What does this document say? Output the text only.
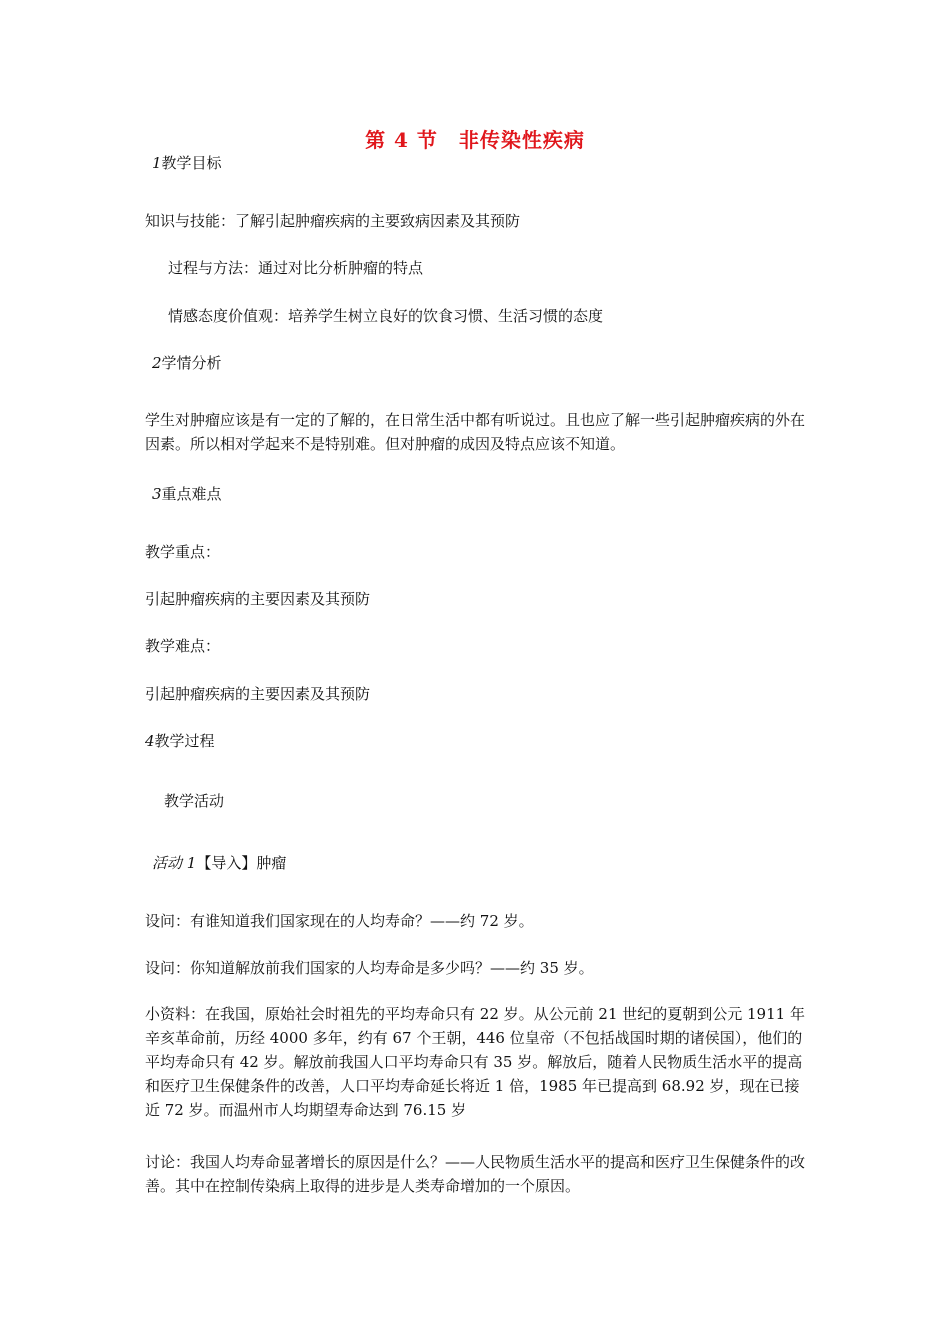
第 4 节　非传染性疾病
1教学目标
知识与技能：了解引起肿瘤疾病的主要致病因素及其预防
过程与方法：通过对比分析肿瘤的特点
情感态度价值观：培养学生树立良好的饮食习惯、生活习惯的态度
2学情分析
学生对肿瘤应该是有一定的了解的，在日常生活中都有听说过。且也应了解一些引起肿瘤疾病的外在因素。所以相对学起来不是特别难。但对肿瘤的成因及特点应该不知道。
3重点难点
教学重点：
引起肿瘤疾病的主要因素及其预防
教学难点：
引起肿瘤疾病的主要因素及其预防
4教学过程
教学活动
活动 1【导入】肿瘤
设问：有谁知道我们国家现在的人均寿命？——约 72 岁。
设问：你知道解放前我们国家的人均寿命是多少吗？——约 35 岁。
小资料：在我国，原始社会时祖先的平均寿命只有 22 岁。从公元前 21 世纪的夏朝到公元 1911 年辛亥革命前，历经 4000 多年，约有 67 个王朝，446 位皇帝（不包括战国时期的诸侯国），他们的平均寿命只有 42 岁。解放前我国人口平均寿命只有 35 岁。解放后，随着人民物质生活水平的提高和医疗卫生保健条件的改善，人口平均寿命延长将近 1 倍，1985 年已提高到 68.92 岁，现在已接近 72 岁。而温州市人均期望寿命达到 76.15 岁
讨论：我国人均寿命显著增长的原因是什么？——人民物质生活水平的提高和医疗卫生保健条件的改善。其中在控制传染病上取得的进步是人类寿命增加的一个原因。
